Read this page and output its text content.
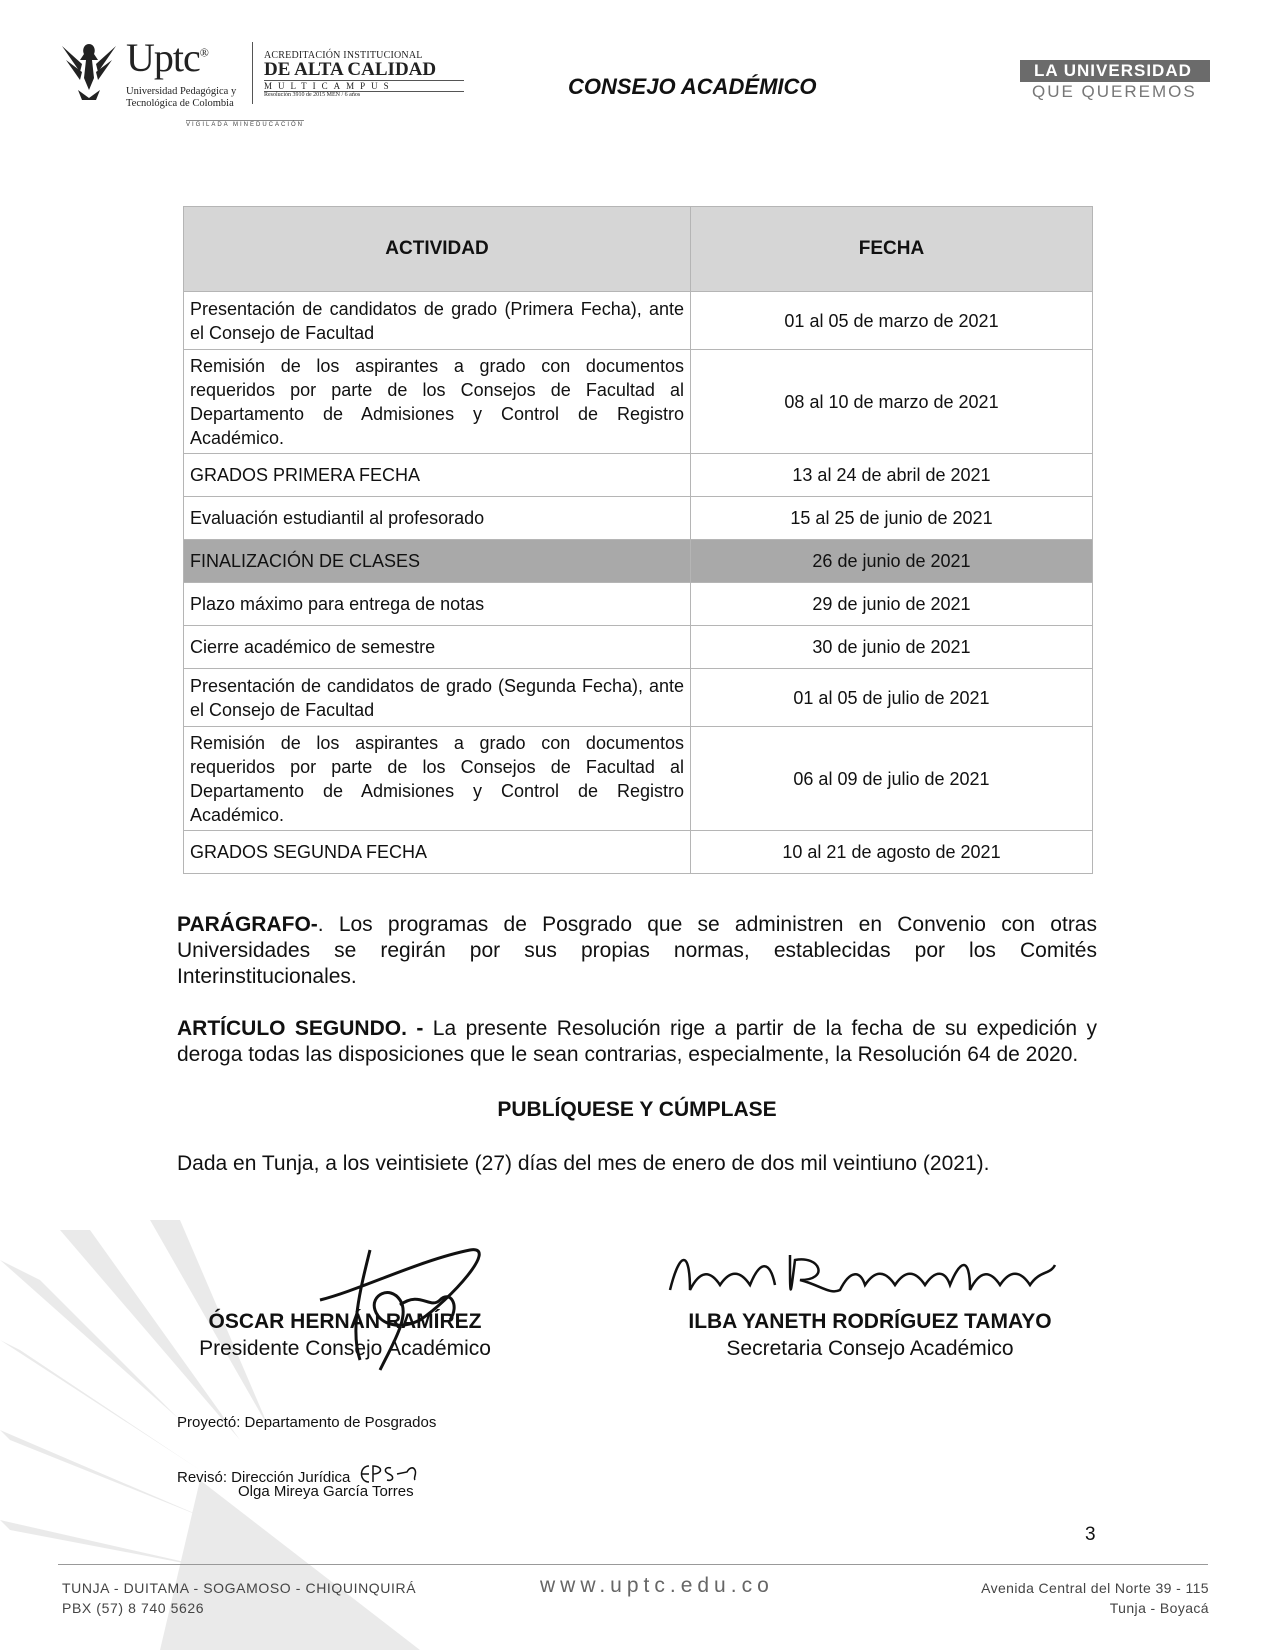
Uptc®
Universidad Pedagógica y Tecnológica de Colombia
ACREDITACIÓN INSTITUCIONAL
DE ALTA CALIDAD
MULTICAMPUS
Resolución 3910 de 2015 MEN / 6 años
VIGILADA MINEDUCACIÓN
CONSEJO ACADÉMICO
LA UNIVERSIDAD
QUE QUEREMOS
ACTIVIDAD	FECHA
Presentación de candidatos de grado (Primera Fecha), ante el Consejo de Facultad	01 al 05 de marzo de 2021
Remisión de los aspirantes a grado con documentos requeridos por parte de los Consejos de Facultad al Departamento de Admisiones y Control de Registro Académico.	08 al 10 de marzo de 2021
GRADOS PRIMERA FECHA	13 al 24 de abril de 2021
Evaluación estudiantil al profesorado	15 al 25 de junio de 2021
FINALIZACIÓN DE CLASES	26 de junio de 2021
Plazo máximo para entrega de notas	29 de junio de 2021
Cierre académico de semestre	30 de junio de 2021
Presentación de candidatos de grado (Segunda Fecha), ante el Consejo de Facultad	01 al 05 de julio de 2021
Remisión de los aspirantes a grado con documentos requeridos por parte de los Consejos de Facultad al Departamento de Admisiones y Control de Registro Académico.	06 al 09 de julio de 2021
GRADOS SEGUNDA FECHA	10 al 21 de agosto de 2021
PARÁGRAFO-. Los programas de Posgrado que se administren en Convenio con otras Universidades se regirán por sus propias normas, establecidas por los Comités Interinstitucionales.
ARTÍCULO SEGUNDO. - La presente Resolución rige a partir de la fecha de su expedición y deroga todas las disposiciones que le sean contrarias, especialmente, la Resolución 64 de 2020.
PUBLÍQUESE Y CÚMPLASE
Dada en Tunja, a los veintisiete (27) días del mes de enero de dos mil veintiuno (2021).
ÓSCAR HERNÁN RAMÍREZ
Presidente Consejo Académico
ILBA YANETH RODRÍGUEZ TAMAYO
Secretaria Consejo Académico
Proyectó: Departamento de Posgrados
Revisó: Dirección Jurídica
Olga Mireya García Torres
3
TUNJA - DUITAMA - SOGAMOSO - CHIQUINQUIRÁ
PBX (57) 8 740 5626
www.uptc.edu.co	Avenida Central del Norte 39 - 115
Tunja - Boyacá
